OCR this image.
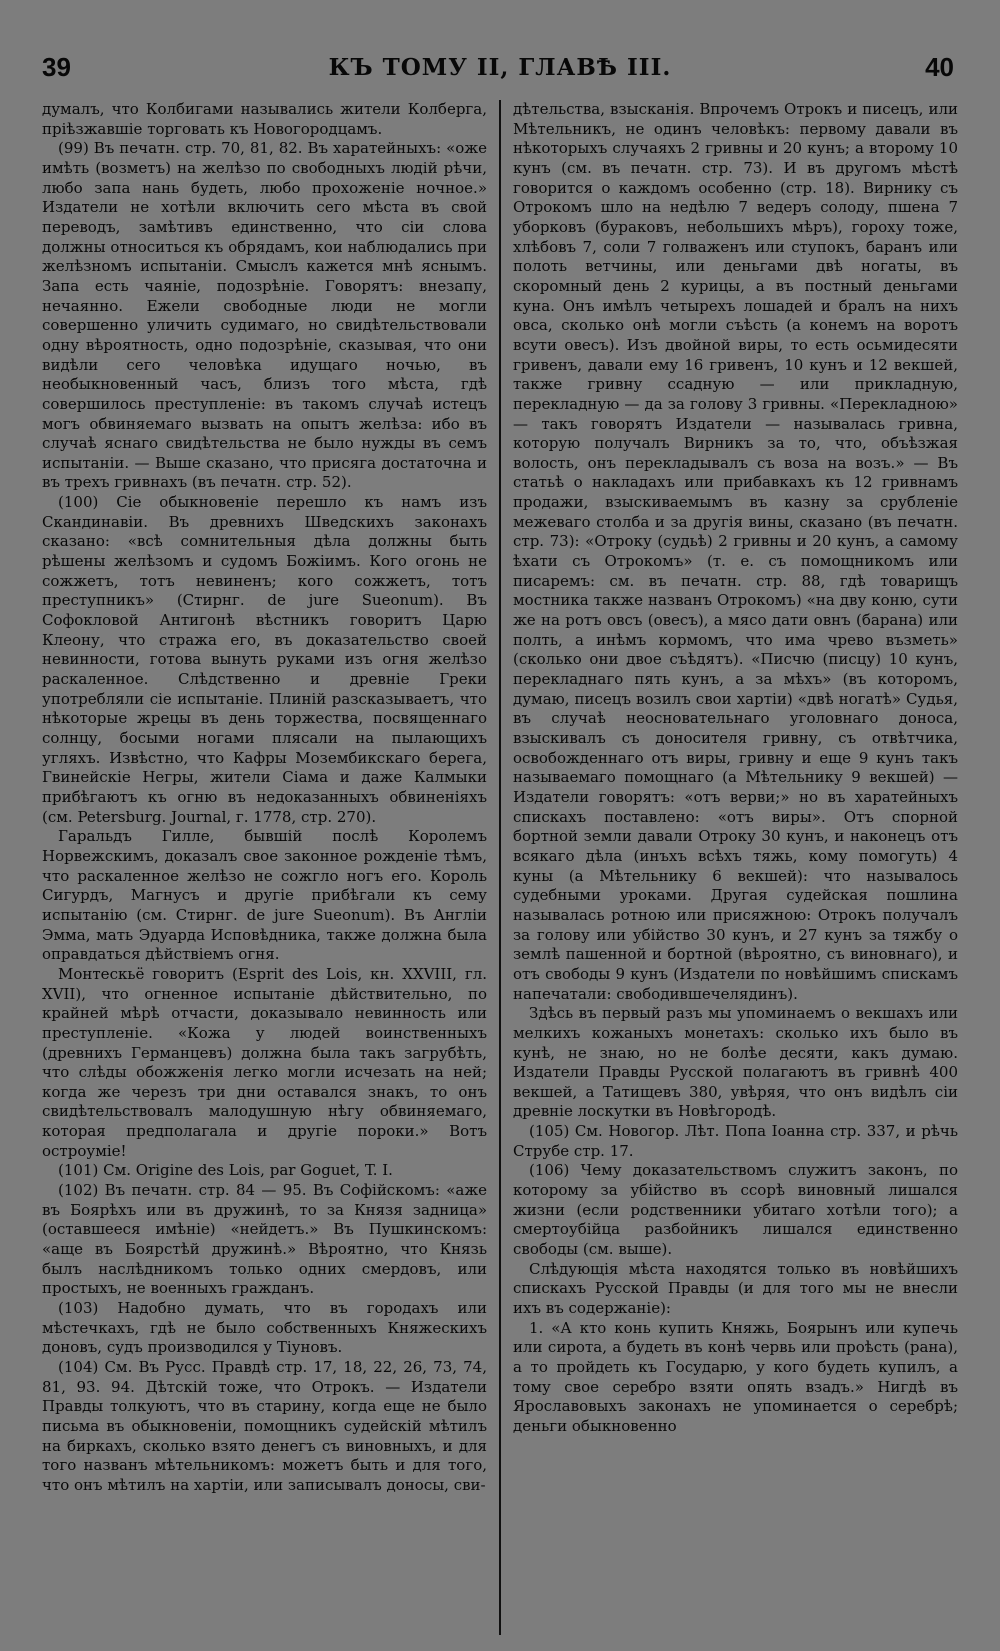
39	КЪ ТОМУ II, ГЛАВѢ III.	40

думалъ, что Колбигами назывались жители Колберга, пріѣзжавшіе торговать къ Новогородцамъ.

(99) Въ печатн. стр. 70, 81, 82. Въ харатейныхъ: «оже имѣть (возметъ) на желѣзо по свободныхъ людій рѣчи, любо запа нань будеть, любо прохоженіе ночное.» Издатели не хотѣли включить сего мѣста въ свой переводъ, замѣтивъ единственно, что сіи слова должны относиться къ обрядамъ, кои наблюдались при желѣзномъ испытаніи. Смыслъ кажется мнѣ яснымъ. Запа есть чаяніе, подозрѣніе. Говорятъ: внезапу, нечаянно. Ежели свободные люди не могли совершенно уличить судимаго, но свидѣтельствовали одну вѣроятность, одно подозрѣніе, сказывая, что они видѣли сего человѣка идущаго ночью, въ необыкновенный часъ, близъ того мѣста, гдѣ совершилось преступленіе: въ такомъ случаѣ истецъ могъ обвиняемаго вызвать на опытъ желѣза: ибо въ случаѣ яснаго свидѣтельства не было нужды въ семъ испытаніи. — Выше сказано, что присяга достаточна и въ трехъ гривнахъ (въ печатн. стр. 52).

(100) Сіе обыкновеніе перешло къ намъ изъ Скандинавіи. Въ древнихъ Шведскихъ законахъ сказано: «всѣ сомнительныя дѣла должны быть рѣшены желѣзомъ и судомъ Божіимъ. Кого огонь не сожжетъ, тотъ невиненъ; кого сожжетъ, тотъ преступникъ» (Стирнг. de jure Sueonum). Въ Софокловой Антигонѣ вѣстникъ говоритъ Царю Клеону, что стража его, въ доказательство своей невинности, готова вынуть руками изъ огня желѣзо раскаленное. Слѣдственно и древніе Греки употребляли сіе испытаніе. Плиній разсказываетъ, что нѣкоторые жрецы въ день торжества, посвященнаго солнцу, босыми ногами плясали на пылающихъ угляхъ. Извѣстно, что Кафры Мозембикскаго берега, Гвинейскіе Негры, жители Сіама и даже Калмыки прибѣгаютъ къ огню въ недоказанныхъ обвиненіяхъ (см. Petersburg. Journal, г. 1778, стр. 270).

Гаральдъ Гилле, бывшій послѣ Королемъ Норвежскимъ, доказалъ свое законное рожденіе тѣмъ, что раскаленное желѣзо не сожгло ногъ его. Король Сигурдъ, Магнусъ и другіе прибѣгали къ сему испытанію (см. Стирнг. de jure Sueonum). Въ Англіи Эмма, мать Эдуарда Исповѣдника, также должна была оправдаться дѣйствіемъ огня.

Монтескьё говоритъ (Esprit des Lois, кн. XXVIII, гл. XVII), что огненное испытаніе дѣйствительно, по крайней мѣрѣ отчасти, доказывало невинность или преступленіе. «Кожа у людей воинственныхъ (древнихъ Германцевъ) должна была такъ загрубѣть, что слѣды обожженія легко могли исчезать на ней; когда же черезъ три дни оставался знакъ, то онъ свидѣтельствовалъ малодушную нѣгу обвиняемаго, которая предполагала и другіе пороки.» Вотъ остроуміе!

(101) См. Origine des Lois, par Goguet, T. I.

(102) Въ печатн. стр. 84 — 95. Въ Софійскомъ: «аже въ Боярѣхъ или въ дружинѣ, то за Князя задница» (оставшееся имѣніе) «нейдетъ.» Въ Пушкинскомъ: «аще въ Боярстѣй дружинѣ.» Вѣроятно, что Князь былъ наслѣдникомъ только одних смердовъ, или простыхъ, не военныхъ гражданъ.

(103) Надобно думать, что въ городахъ или мѣстечкахъ, гдѣ не было собственныхъ Княжескихъ доновъ, судъ производился у Тіуновъ.

(104) См. Въ Русс. Правдѣ стр. 17, 18, 22, 26, 73, 74, 81, 93. 94. Дѣтскій тоже, что Отрокъ. — Издатели Правды толкуютъ, что въ старину, когда еще не было письма въ обыкновеніи, помощникъ судейскій мѣтилъ на биркахъ, сколько взято денегъ съ виновныхъ, и для того названъ мѣтельникомъ: можетъ быть и для того, что онъ мѣтилъ на хартіи, или записывалъ доносы, сви-

дѣтельства, взысканія. Впрочемъ Отрокъ и писецъ, или Мѣтельникъ, не одинъ человѣкъ: первому давали въ нѣкоторыхъ случаяхъ 2 гривны и 20 кунъ; а второму 10 кунъ (см. въ печатн. стр. 73). И въ другомъ мѣстѣ говорится о каждомъ особенно (стр. 18). Вирнику съ Отрокомъ шло на недѣлю 7 ведеръ солоду, пшена 7 уборковъ (бураковъ, небольшихъ мѣръ), гороху тоже, хлѣбовъ 7, соли 7 голваженъ или ступокъ, баранъ или полоть ветчины, или деньгами двѣ ногаты, въ скоромный день 2 курицы, а въ постный деньгами куна. Онъ имѣлъ четырехъ лошадей и бралъ на нихъ овса, сколько онѣ могли съѣсть (а конемъ на воротъ всути овесъ). Изъ двойной виры, то есть осьмидесяти гривенъ, давали ему 16 гривенъ, 10 кунъ и 12 векшей, также гривну ссадную — или прикладную, перекладную — да за голову 3 гривны. «Перекладною» — такъ говорятъ Издатели — называлась гривна, которую получалъ Вирникъ за то, что, объѣзжая волость, онъ перекладывалъ съ воза на возъ.» — Въ статьѣ о накладахъ или прибавкахъ къ 12 гривнамъ продажи, взыскиваемымъ въ казну за срубленіе межеваго столба и за другія вины, сказано (въ печатн. стр. 73): «Отроку (судьѣ) 2 гривны и 20 кунъ, а самому ѣхати съ Отрокомъ» (т. е. съ помощникомъ или писаремъ: см. въ печатн. стр. 88, гдѣ товарищъ мостника также названъ Отрокомъ) «на дву коню, сути же на ротъ овсъ (овесъ), а мясо дати овнъ (барана) или полть, а инѣмъ кормомъ, что има чрево възметь» (сколько они двое съѣдятъ). «Писчю (писцу) 10 кунъ, перекладнаго пять кунъ, а за мѣхъ» (въ которомъ, думаю, писецъ возилъ свои хартіи) «двѣ ногатѣ» Судья, въ случаѣ неосновательнаго уголовнаго доноса, взыскивалъ съ доносителя гривну, съ отвѣтчика, освобожденнаго отъ виры, гривну и еще 9 кунъ такъ называемаго помощнаго (а Мѣтельнику 9 векшей) — Издатели говорятъ: «отъ верви;» но въ харатейныхъ спискахъ поставлено: «отъ виры». Отъ спорной бортной земли давали Отроку 30 кунъ, и наконецъ отъ всякаго дѣла (инъхъ всѣхъ тяжь, кому помогуть) 4 куны (а Мѣтельнику 6 векшей): что называлось судебными уроками. Другая судейская пошлина называлась ротною или присяжною: Отрокъ получалъ за голову или убійство 30 кунъ, и 27 кунъ за тяжбу о землѣ пашенной и бортной (вѣроятно, съ виновнаго), и отъ свободы 9 кунъ (Издатели по новѣйшимъ спискамъ напечатали: свободившечелядинъ).

Здѣсь въ первый разъ мы упоминаемъ о векшахъ или мелкихъ кожаныхъ монетахъ: сколько ихъ было въ кунѣ, не знаю, но не болѣе десяти, какъ думаю. Издатели Правды Русской полагаютъ въ гривнѣ 400 векшей, а Татищевъ 380, увѣряя, что онъ видѣлъ сіи древніе лоскутки въ Новѣгородѣ.

(105) См. Новогор. Лѣт. Попа Іоанна стр. 337, и рѣчь Струбе стр. 17.

(106) Чему доказательствомъ служитъ законъ, по которому за убійство въ ссорѣ виновный лишался жизни (если родственники убитаго хотѣли того); а смертоубійца разбойникъ лишался единственно свободы (см. выше).

Слѣдующія мѣста находятся только въ новѣйшихъ спискахъ Русской Правды (и для того мы не внесли ихъ въ содержаніе):

1. «А кто конь купить Княжь, Боярынъ или купечь или сирота, а будеть въ конѣ червь или проѣсть (рана), а то пройдеть къ Государю, у кого будеть купилъ, а тому свое серебро взяти опять взадъ.» Нигдѣ въ Ярославовыхъ законахъ не упоминается о серебрѣ; деньги обыкновенно
